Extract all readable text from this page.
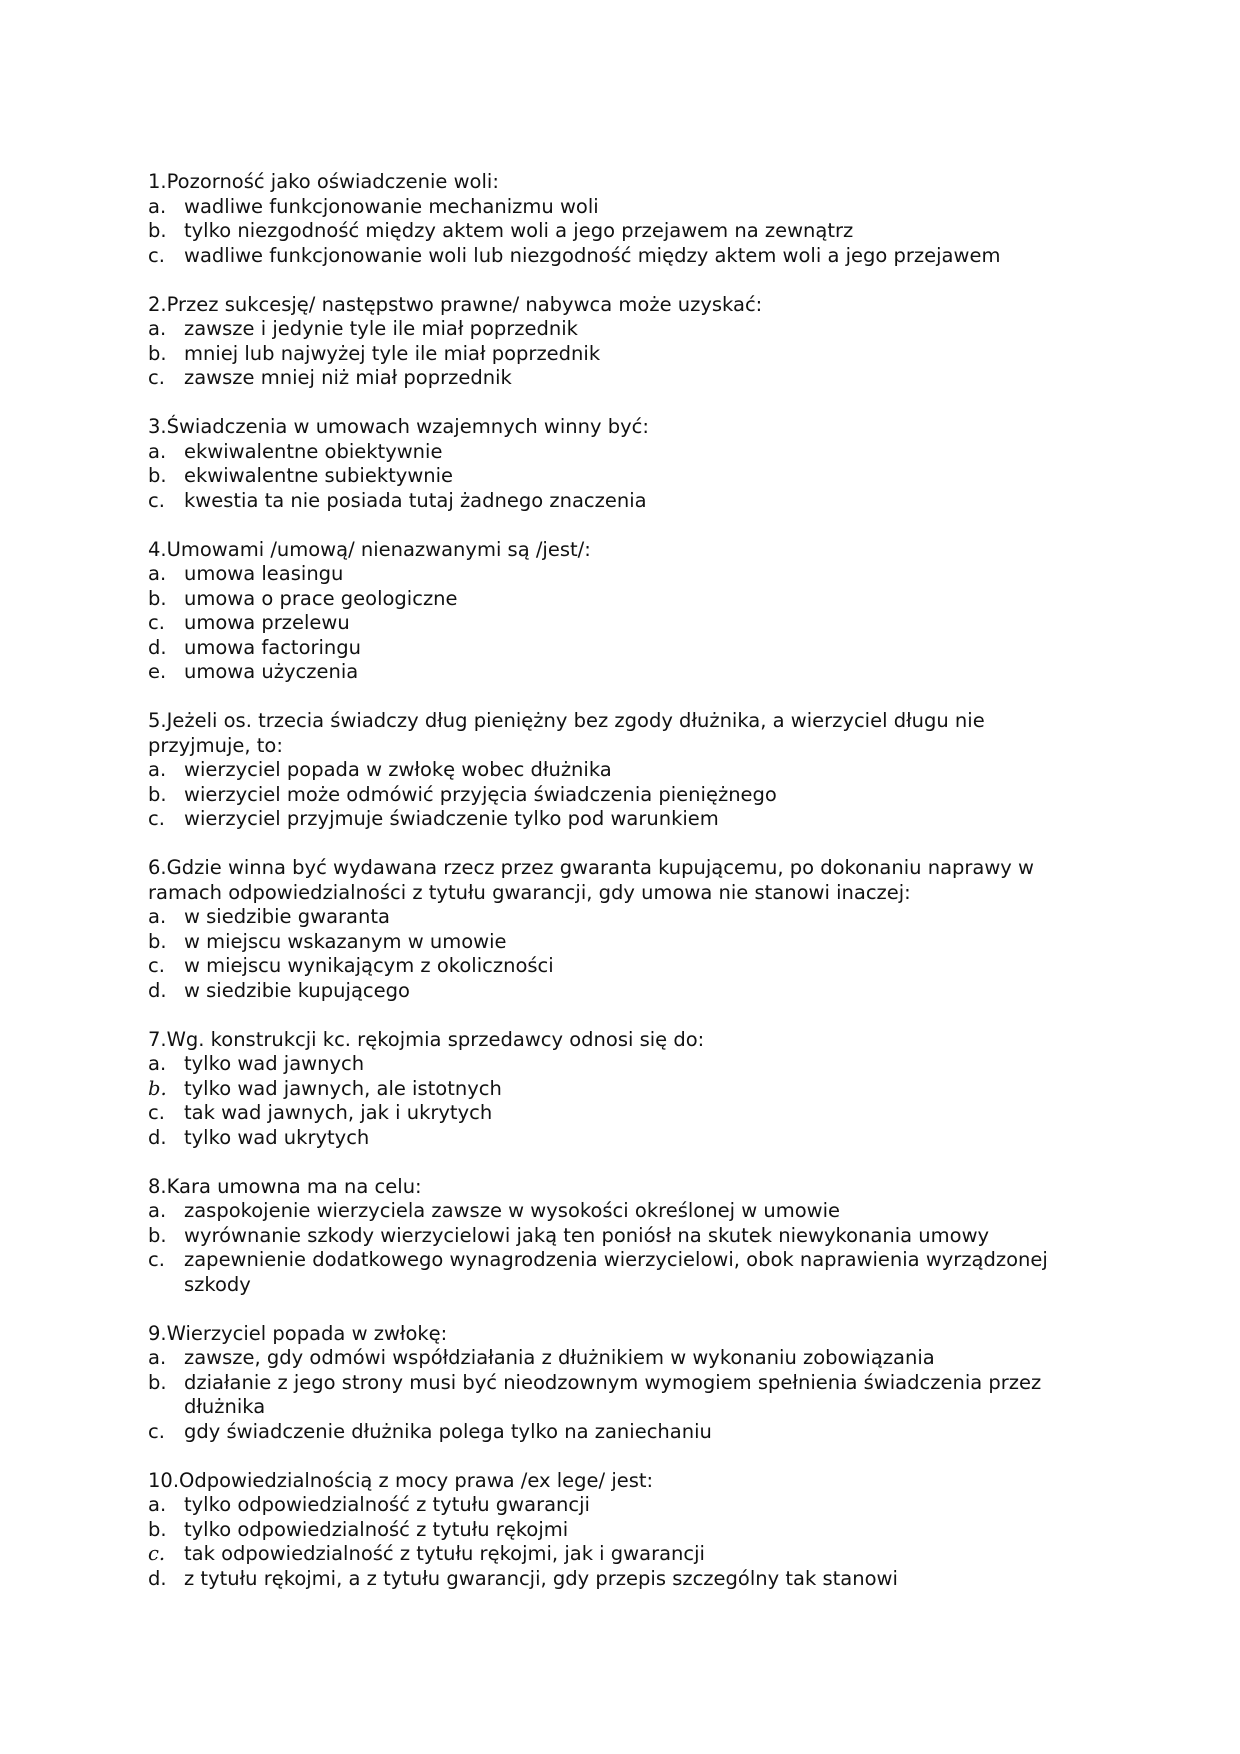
1.Pozorność jako oświadczenie woli:

a. wadliwe funkcjonowanie mechanizmu woli
b. tylko niezgodność między aktem woli a jego przejawem na zewnątrz
c. wadliwe funkcjonowanie woli lub niezgodność między aktem woli a jego przejawem

2.Przez sukcesję/ następstwo prawne/ nabywca może uzyskać:

a. zawsze i jedynie tyle ile miał poprzednik
b. mniej lub najwyżej tyle ile miał poprzednik
c. zawsze mniej niż miał poprzednik

3.Świadczenia w umowach wzajemnych winny być:

a. ekwiwalentne obiektywnie
b. ekwiwalentne subiektywnie
c. kwestia ta nie posiada tutaj żadnego znaczenia

4.Umowami /umową/ nienazwanymi są /jest/:

a. umowa leasingu
b. umowa o prace geologiczne
c. umowa przelewu
d. umowa factoringu
e. umowa użyczenia

5.Jeżeli os. trzecia świadczy dług pieniężny bez zgody dłużnika, a wierzyciel długu nie przyjmuje, to:

a. wierzyciel popada w zwłokę wobec dłużnika
b. wierzyciel może odmówić przyjęcia świadczenia pieniężnego
c. wierzyciel przyjmuje świadczenie tylko pod warunkiem

6.Gdzie winna być wydawana rzecz przez gwaranta kupującemu, po dokonaniu naprawy w ramach odpowiedzialności z tytułu gwarancji, gdy umowa nie stanowi inaczej:

a. w siedzibie gwaranta
b. w miejscu wskazanym w umowie
c. w miejscu wynikającym z okoliczności
d. w siedzibie kupującego

7.Wg. konstrukcji kc. rękojmia sprzedawcy odnosi się do:

a. tylko wad jawnych
b. tylko wad jawnych, ale istotnych
c. tak wad jawnych, jak i ukrytych
d. tylko wad ukrytych

8.Kara umowna ma na celu:

a. zaspokojenie wierzyciela zawsze w wysokości określonej w umowie
b. wyrównanie szkody wierzycielowi jaką ten poniósł na skutek niewykonania umowy
c. zapewnienie dodatkowego wynagrodzenia wierzycielowi, obok naprawienia wyrządzonej szkody

9.Wierzyciel popada w zwłokę:

a. zawsze, gdy odmówi współdziałania z dłużnikiem w wykonaniu zobowiązania
b. działanie z jego strony musi być nieodzownym wymogiem spełnienia świadczenia przez dłużnika
c. gdy świadczenie dłużnika polega tylko na zaniechaniu

10.Odpowiedzialnością z mocy prawa /ex lege/ jest:

a. tylko odpowiedzialność z tytułu gwarancji
b. tylko odpowiedzialność z tytułu rękojmi
c. tak odpowiedzialność z tytułu rękojmi, jak i gwarancji
d. z tytułu rękojmi, a z tytułu gwarancji, gdy przepis szczególny tak stanowi
